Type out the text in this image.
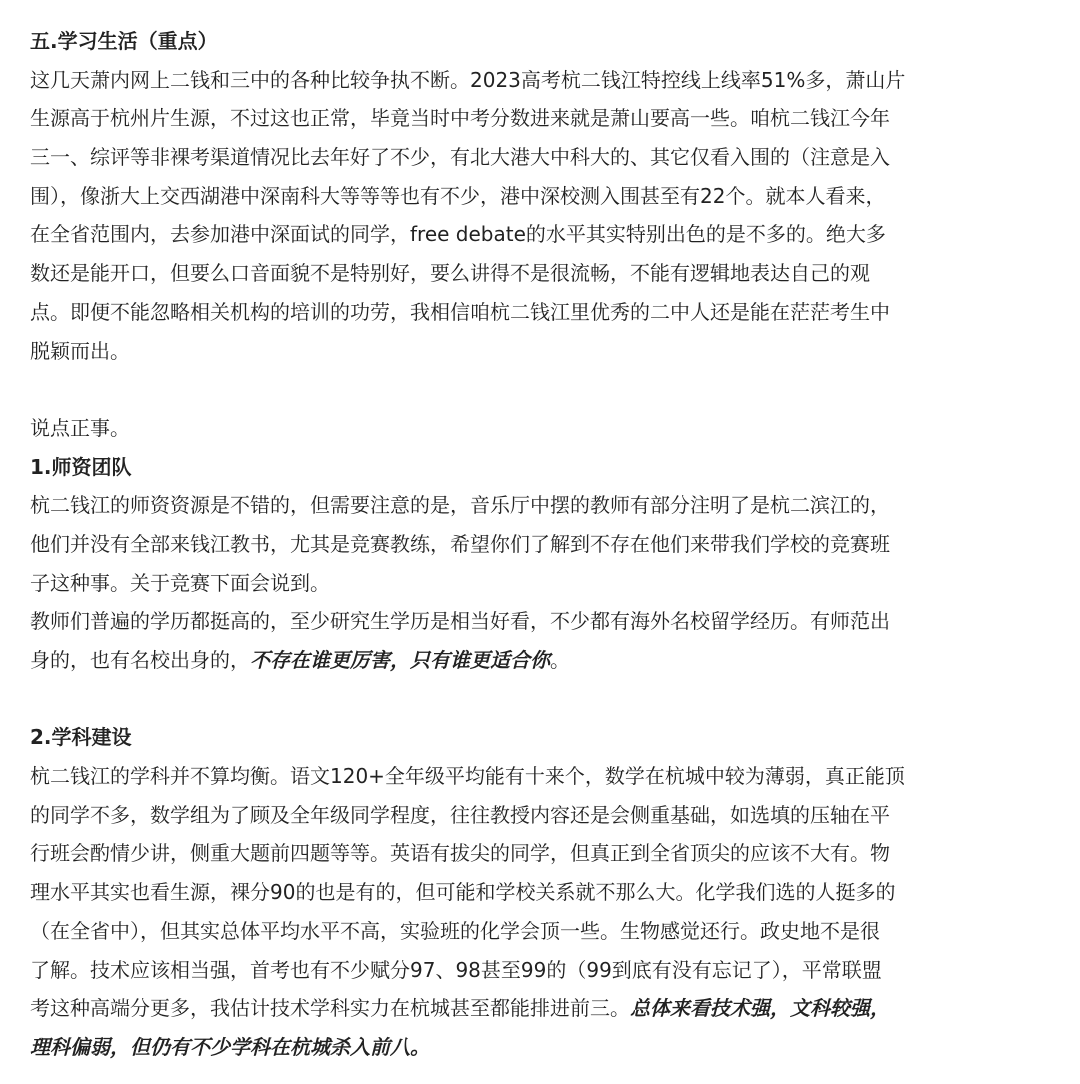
五.学习生活（重点）
这几天萧内网上二钱和三中的各种比较争执不断。2023高考杭二钱江特控线上线率51%多，萧山片
生源高于杭州片生源，不过这也正常，毕竟当时中考分数进来就是萧山要高一些。咱杭二钱江今年
三一、综评等非裸考渠道情况比去年好了不少，有北大港大中科大的、其它仅看入围的（注意是入
围），像浙大上交西湖港中深南科大等等等也有不少，港中深校测入围甚至有22个。就本人看来，
在全省范围内，去参加港中深面试的同学，free debate的水平其实特别出色的是不多的。绝大多
数还是能开口，但要么口音面貌不是特别好，要么讲得不是很流畅，不能有逻辑地表达自己的观
点。即便不能忽略相关机构的培训的功劳，我相信咱杭二钱江里优秀的二中人还是能在茫茫考生中
脱颖而出。
说点正事。
1.师资团队
杭二钱江的师资资源是不错的，但需要注意的是，音乐厅中摆的教师有部分注明了是杭二滨江的，
他们并没有全部来钱江教书，尤其是竞赛教练，希望你们了解到不存在他们来带我们学校的竞赛班
子这种事。关于竞赛下面会说到。
教师们普遍的学历都挺高的，至少研究生学历是相当好看，不少都有海外名校留学经历。有师范出
身的，也有名校出身的，不存在谁更厉害，只有谁更适合你。
2.学科建设
杭二钱江的学科并不算均衡。语文120+全年级平均能有十来个，数学在杭城中较为薄弱，真正能顶
的同学不多，数学组为了顾及全年级同学程度，往往教授内容还是会侧重基础，如选填的压轴在平
行班会酌情少讲，侧重大题前四题等等。英语有拔尖的同学，但真正到全省顶尖的应该不大有。物
理水平其实也看生源，裸分90的也是有的，但可能和学校关系就不那么大。化学我们选的人挺多的
（在全省中），但其实总体平均水平不高，实验班的化学会顶一些。生物感觉还行。政史地不是很
了解。技术应该相当强，首考也有不少赋分97、98甚至99的（99到底有没有忘记了），平常联盟
考这种高端分更多，我估计技术学科实力在杭城甚至都能排进前三。总体来看技术强，文科较强，
理科偏弱，但仍有不少学科在杭城杀入前八。
